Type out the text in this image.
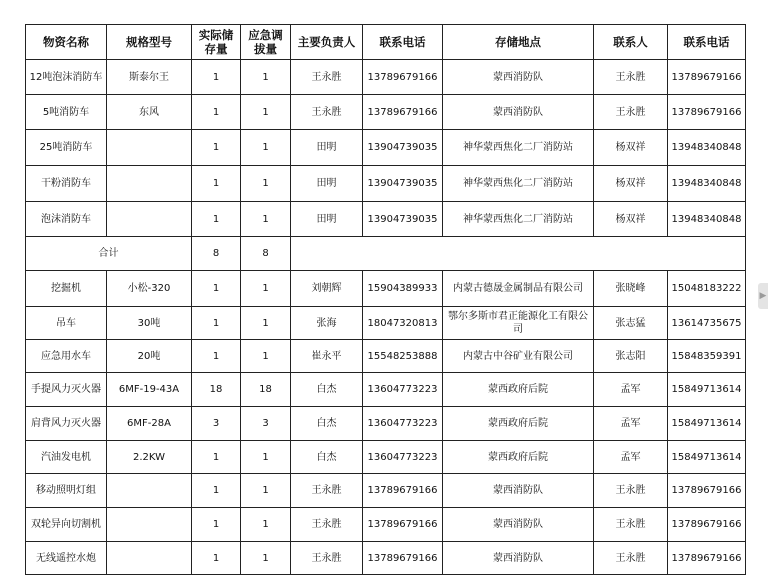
物资名称	规格型号	实际储存量	应急调拔量	主要负责人	联系电话	存储地点	联系人	联系电话
12吨泡沫消防车	斯泰尔王	1	1	王永胜	13789679166	蒙西消防队	王永胜	13789679166
5吨消防车	东风	1	1	王永胜	13789679166	蒙西消防队	王永胜	13789679166
25吨消防车		1	1	田明	13904739035	神华蒙西焦化二厂消防站	杨双祥	13948340848
干粉消防车		1	1	田明	13904739035	神华蒙西焦化二厂消防站	杨双祥	13948340848
泡沫消防车		1	1	田明	13904739035	神华蒙西焦化二厂消防站	杨双祥	13948340848
合计		8	8					
挖掘机	小松-320	1	1	刘朝辉	15904389933	内蒙古德晟金属制品有限公司	张晓峰	15048183222
吊车	30吨	1	1	张海	18047320813	鄂尔多斯市君正能源化工有限公司	张志猛	13614735675
应急用水车	20吨	1	1	崔永平	15548253888	内蒙古中谷矿业有限公司	张志阳	15848359391
手提风力灭火器	6MF-19-43A	18	18	白杰	13604773223	蒙西政府后院	孟军	15849713614
肩背风力灭火器	6MF-28A	3	3	白杰	13604773223	蒙西政府后院	孟军	15849713614
汽油发电机	2.2KW	1	1	白杰	13604773223	蒙西政府后院	孟军	15849713614
移动照明灯组		1	1	王永胜	13789679166	蒙西消防队	王永胜	13789679166
双轮异向切割机		1	1	王永胜	13789679166	蒙西消防队	王永胜	13789679166
无线遥控水炮		1	1	王永胜	13789679166	蒙西消防队	王永胜	13789679166
▶
